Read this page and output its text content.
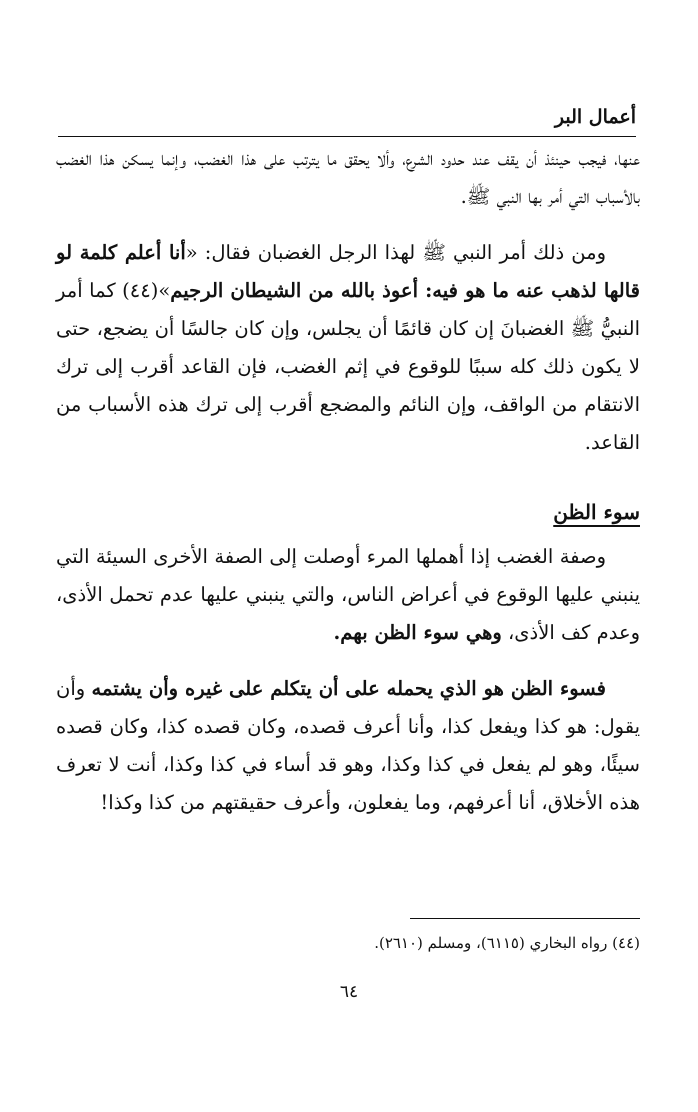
أعمال البر

عنها، فيجب حينئذ أن يقف عند حدود الشرع، وألا يحقق ما يترتب على هذا الغضب، وإنما يسكن هذا الغضب بالأسباب التي أمر بها النبي ﷺ.

ومن ذلك أمر النبي ﷺ لهذا الرجل الغضبان فقال: «أنا أعلم كلمة لو قالها لذهب عنه ما هو فيه: أعوذ بالله من الشيطان الرجيم»(٤٤) كما أمر النبيُّ ﷺ الغضبانَ إن كان قائمًا أن يجلس، وإن كان جالسًا أن يضجع، حتى لا يكون ذلك كله سببًا للوقوع في إثم الغضب، فإن القاعد أقرب إلى ترك الانتقام من الواقف، وإن النائم والمضجع أقرب إلى ترك هذه الأسباب من القاعد.

سوء الظن

وصفة الغضب إذا أهملها المرء أوصلت إلى الصفة الأخرى السيئة التي ينبني عليها الوقوع في أعراض الناس، والتي ينبني عليها عدم تحمل الأذى، وعدم كف الأذى، وهي سوء الظن بهم.

فسوء الظن هو الذي يحمله على أن يتكلم على غيره وأن يشتمه وأن يقول: هو كذا ويفعل كذا، وأنا أعرف قصده، وكان قصده كذا، وكان قصده سيئًا، وهو لم يفعل في كذا وكذا، وهو قد أساء في كذا وكذا، أنت لا تعرف هذه الأخلاق، أنا أعرفهم، وما يفعلون، وأعرف حقيقتهم من كذا وكذا!

(٤٤) رواه البخاري (٦١١٥)، ومسلم (٢٦١٠).
٦٤
